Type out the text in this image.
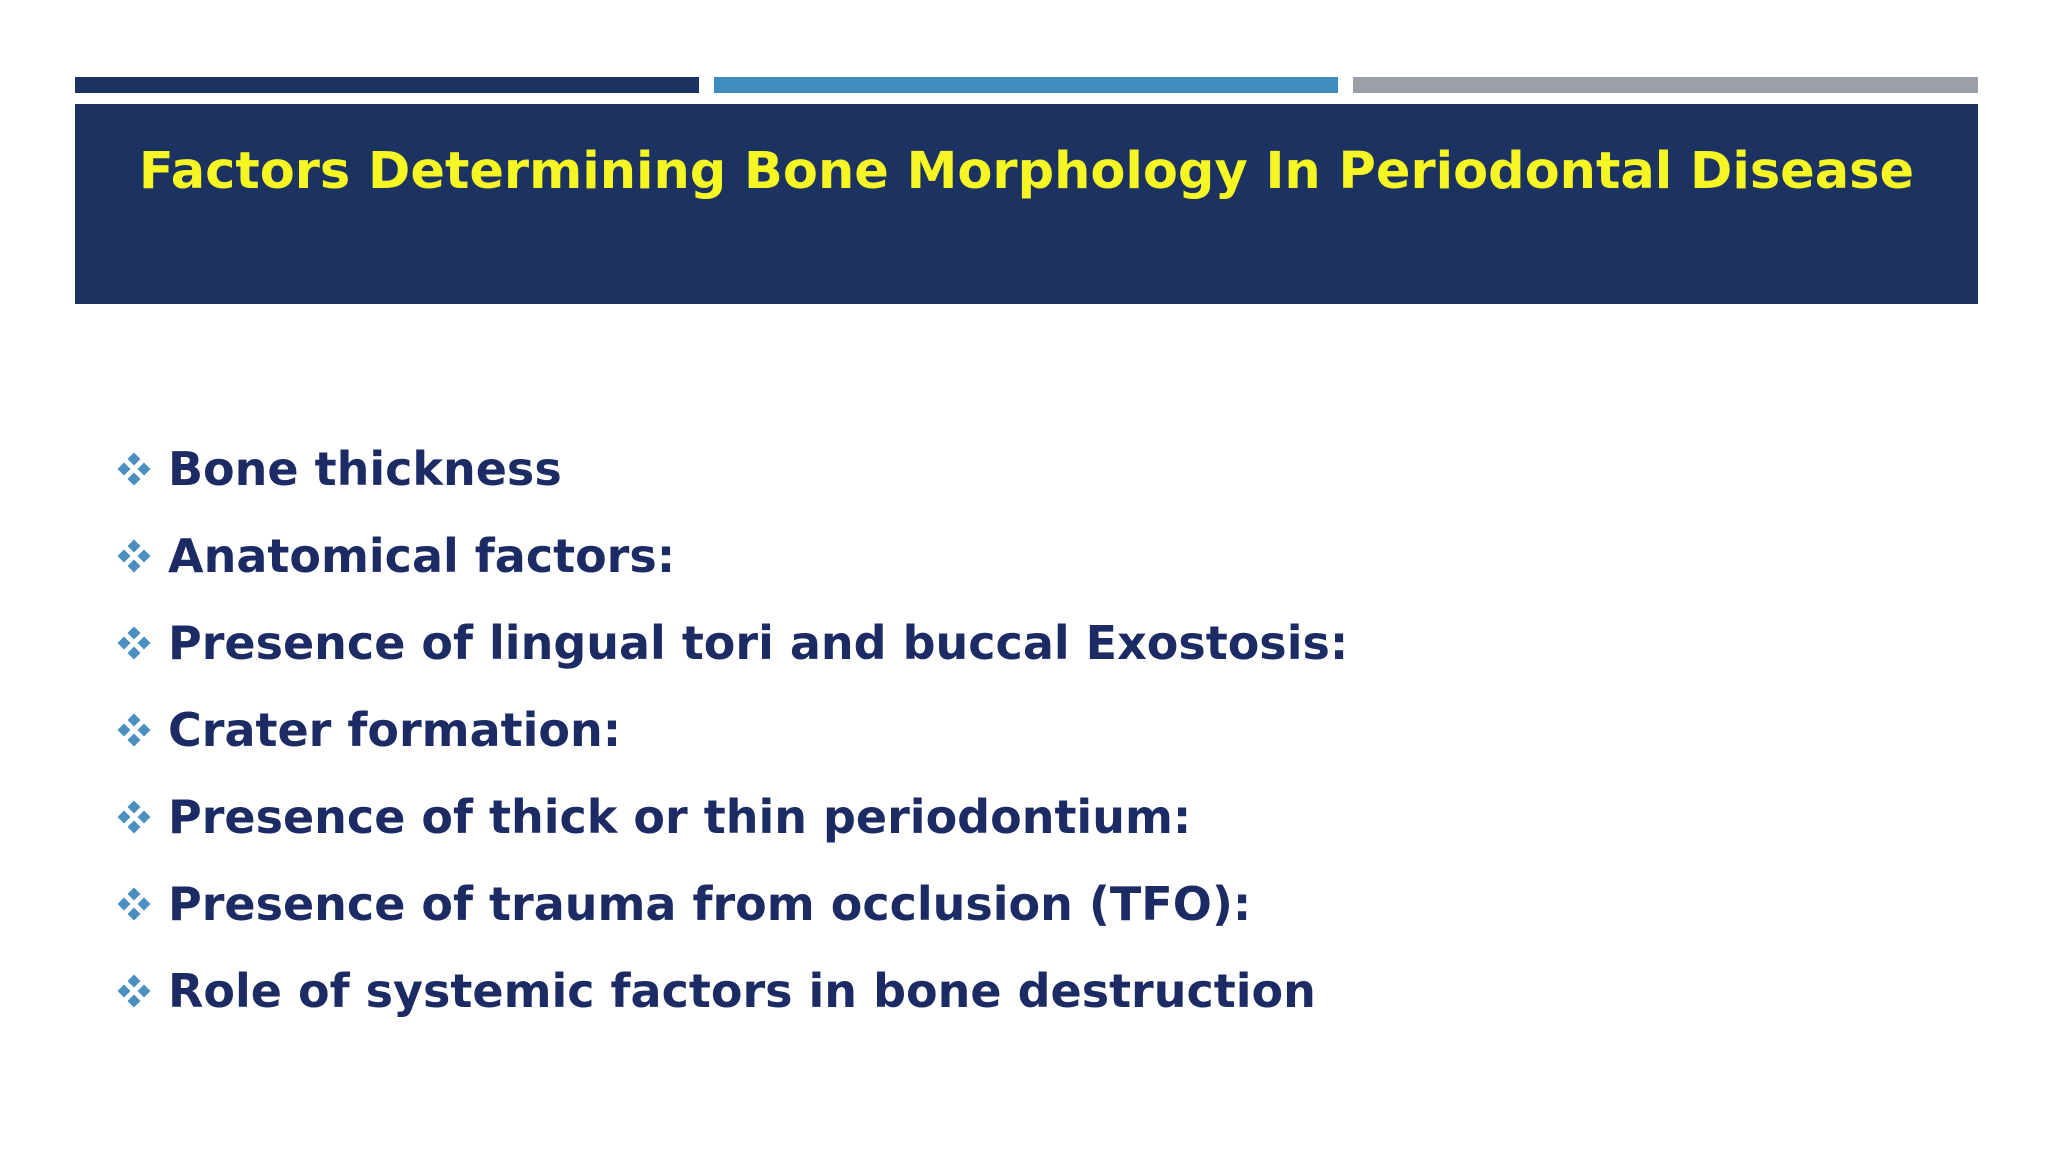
Factors Determining Bone Morphology In Periodontal Disease
Bone thickness
Anatomical factors:
Presence of lingual tori and buccal Exostosis:
Crater formation:
Presence of thick or thin periodontium:
Presence of trauma from occlusion (TFO):
Role of systemic factors in bone destruction
